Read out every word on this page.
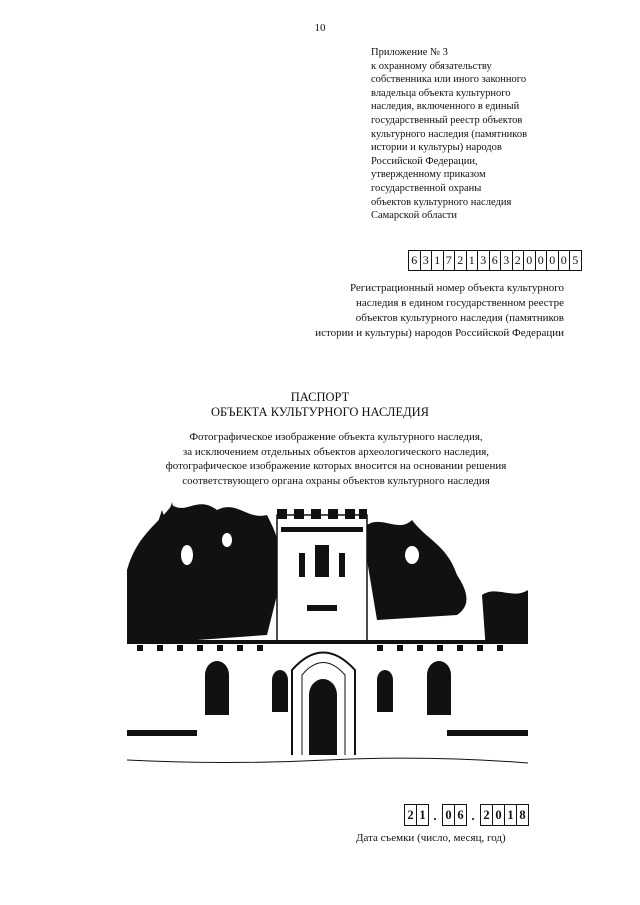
10
Приложение № 3
к охранному обязательству
собственника или иного законного
владельца объекта культурного
наследия, включенного в единый
государственный реестр объектов
культурного наследия (памятников
истории и культуры) народов
Российской Федерации,
утвержденному приказом
государственной охраны
объектов культурного наследия
Самарской области
6 3 1 7 2 1 3 6 3 2 0 0 0 0 5
Регистрационный номер объекта культурного
наследия в едином государственном реестре
объектов культурного наследия (памятников
истории и культуры) народов Российской Федерации
ПАСПОРТ
ОБЪЕКТА КУЛЬТУРНОГО НАСЛЕДИЯ
Фотографическое изображение объекта культурного наследия,
за исключением отдельных объектов археологического наследия,
фотографическое изображение которых вносится на основании решения
соответствующего органа охраны объектов культурного наследия
2 1 . 0 6 . 2 0 1 8
Дата съемки (число, месяц, год)
